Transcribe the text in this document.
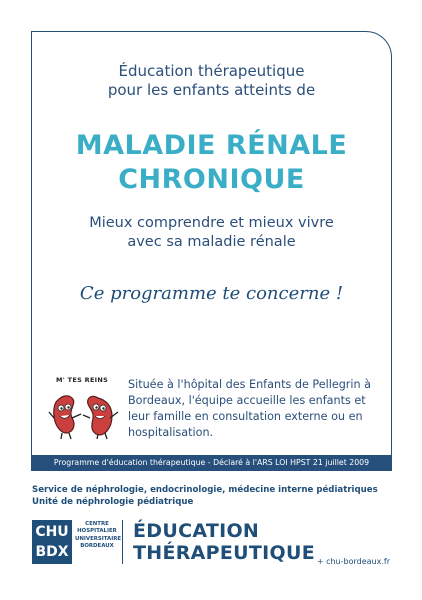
Éducation thérapeutique
pour les enfants atteints de
MALADIE RÉNALE
CHRONIQUE
Mieux comprendre et mieux vivre
avec sa maladie rénale
Ce programme te concerne !
M' TES REINS Située à l'hôpital des Enfants de Pellegrin à
Bordeaux, l'équipe accueille les enfants et
leur famille en consultation externe ou en
hospitalisation.
Programme d'éducation thérapeutique - Déclaré à l'ARS LOI HPST 21 juillet 2009
Service de néphrologie, endocrinologie, médecine interne pédiatriques
Unité de néphrologie pédiatrique
CHU
BDX
CENTRE
HOSPITALIER
UNIVERSITAIRE
BORDEAUX
ÉDUCATION
THÉRAPEUTIQUE + chu-bordeaux.fr
